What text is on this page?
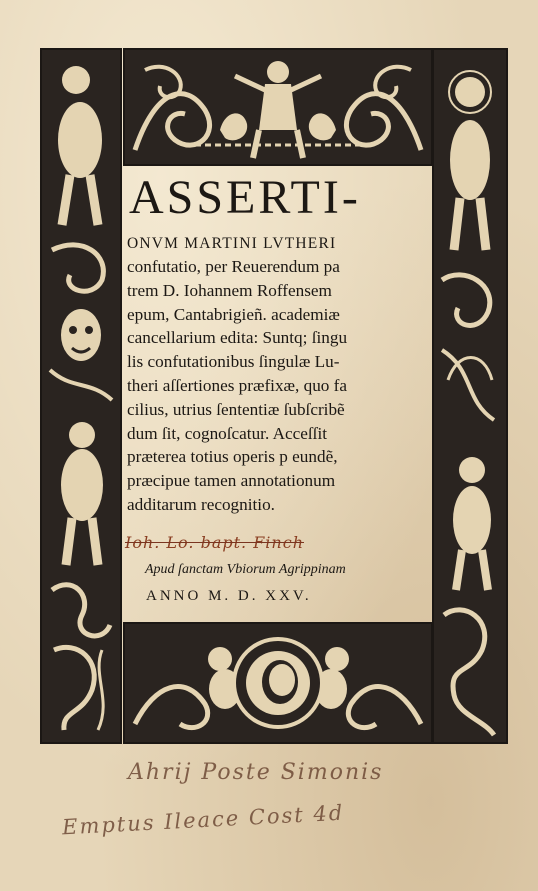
ASSERTI-

ONVM MARTINI LVTHERI

confutatio, per Reuerendum pa
trem D. Iohannem Roffensem
epum, Cantabrigieñ. academiæ
cancellarium edita: Suntq; ſingu
lis confutationibus ſingulæ Lu-
theri aſſertiones præfixæ, quo fa
cilius, utrius ſententiæ ſubſcribẽ
dum ſit, cognoſcatur. Acceſſit
præterea totius operis p eundẽ,
præcipue tamen annotationum
additarum recognitio.

Ioh. Lo. bapt. Finch

Apud ſanctam Vbiorum Agrippinam

ANNO M. D. XXV.

Ahrij Poste Simonis
Emptus Ileace Cost 4d
